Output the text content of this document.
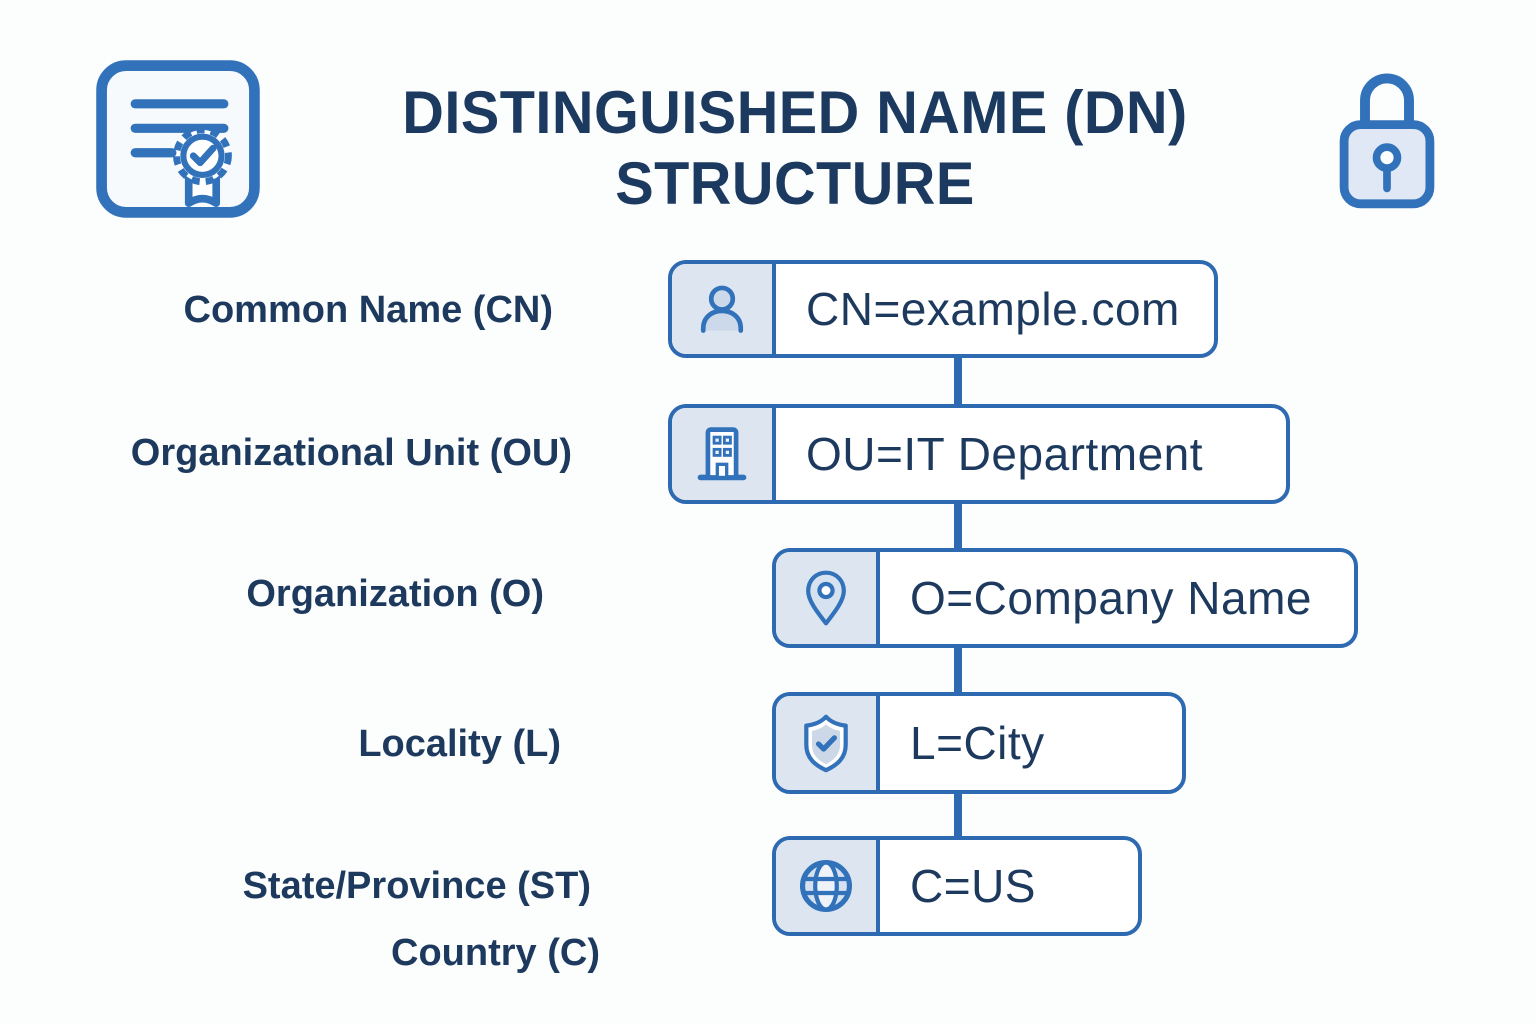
DISTINGUISHED NAME (DN)
STRUCTURE
Common Name (CN)
Organizational Unit (OU)
Organization (O)
Locality (L)
State/Province (ST)
Country (C)
CN=example.com
OU=IT Department
O=Company Name
L=City
C=US
